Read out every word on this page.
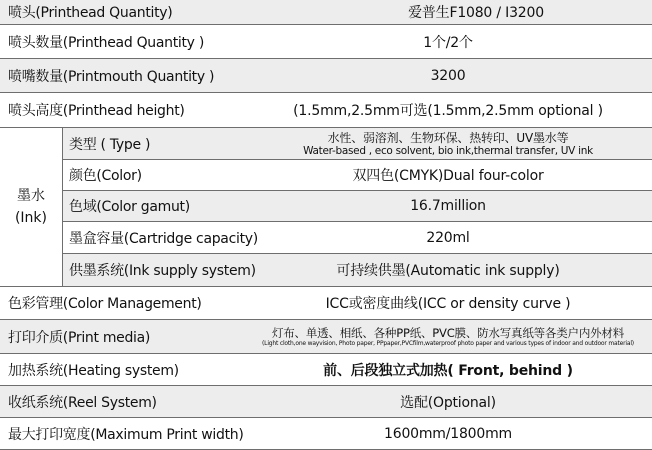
喷头(Printhead Quantity)	爱普生F1080 / I3200
喷头数量(Printhead Quantity )	1个/2个
喷嘴数量(Printmouth Quantity )	3200
喷头高度(Printhead height)	(1.5mm,2.5mm可选(1.5mm,2.5mm optional )
墨水
(Ink)
类型 ( Type )	水性、弱溶剂、生物环保、热转印、UV墨水等
Water-based , eco solvent, bio ink,thermal transfer, UV ink
颜色(Color)	双四色(CMYK)Dual four-color
色域(Color gamut)	16.7million
墨盒容量(Cartridge capacity)	220ml
供墨系统(Ink supply system)	可持续供墨(Automatic ink supply)
色彩管理(Color Management)	ICC或密度曲线(ICC or density curve )
打印介质(Print media)	灯布、单透、相纸、各种PP纸、PVC膜、防水写真纸等各类户内外材料
(Light cloth,one wayvision, Photo paper, PPpaper,PVCfilm,waterproof photo paper and various types of indoor and outdoor material)
加热系统(Heating system)	前、后段独立式加热( Front, behind )
收纸系统(Reel System)	选配(Optional)
最大打印宽度(Maximum Print width)	1600mm/1800mm
